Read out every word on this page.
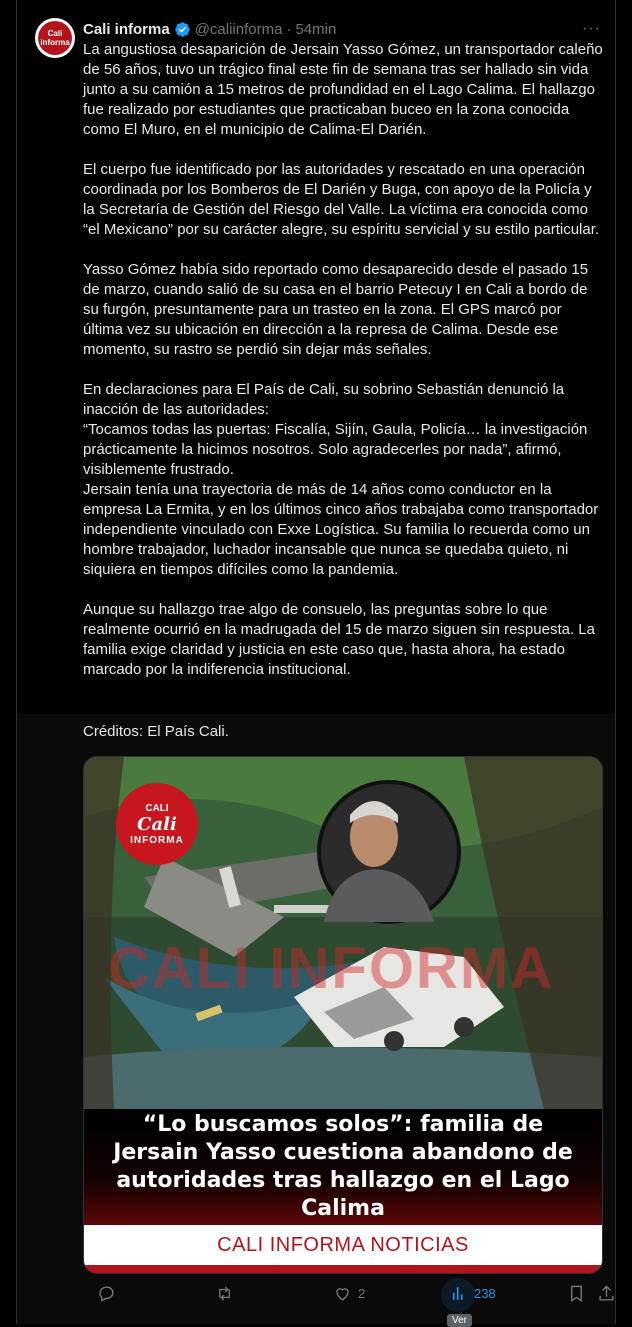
Cali informa
Cali informa @caliinforma · 54min	···

La angustiosa desaparición de Jersain Yasso Gómez, un transportador caleño de 56 años, tuvo un trágico final este fin de semana tras ser hallado sin vida junto a su camión a 15 metros de profundidad en el Lago Calima. El hallazgo fue realizado por estudiantes que practicaban buceo en la zona conocida como El Muro, en el municipio de Calima-El Darién.

El cuerpo fue identificado por las autoridades y rescatado en una operación coordinada por los Bomberos de El Darién y Buga, con apoyo de la Policía y la Secretaría de Gestión del Riesgo del Valle. La víctima era conocida como “el Mexicano” por su carácter alegre, su espíritu servicial y su estilo particular.

Yasso Gómez había sido reportado como desaparecido desde el pasado 15 de marzo, cuando salió de su casa en el barrio Petecuy I en Cali a bordo de su furgón, presuntamente para un trasteo en la zona. El GPS marcó por última vez su ubicación en dirección a la represa de Calima. Desde ese momento, su rastro se perdió sin dejar más señales.

En declaraciones para El País de Cali, su sobrino Sebastián denunció la inacción de las autoridades:
“Tocamos todas las puertas: Fiscalía, Sijín, Gaula, Policía… la investigación prácticamente la hicimos nosotros. Solo agradecerles por nada”, afirmó, visiblemente frustrado.
Jersain tenía una trayectoria de más de 14 años como conductor en la empresa La Ermita, y en los últimos cinco años trabajaba como transportador independiente vinculado con Exxe Logística. Su familia lo recuerda como un hombre trabajador, luchador incansable que nunca se quedaba quieto, ni siquiera en tiempos difíciles como la pandemia.

Aunque su hallazgo trae algo de consuelo, las preguntas sobre lo que realmente ocurrió en la madrugada del 15 de marzo siguen sin respuesta. La familia exige claridad y justicia en este caso que, hasta ahora, ha estado marcado por la indiferencia institucional.

Créditos: El País Cali.
CALI
Cali
INFORMA
CALI INFORMA
“Lo buscamos solos”: familia de Jersain Yasso cuestiona abandono de autoridades tras hallazgo en el Lago Calima
CALI INFORMA NOTICIAS
2	238
Ver
